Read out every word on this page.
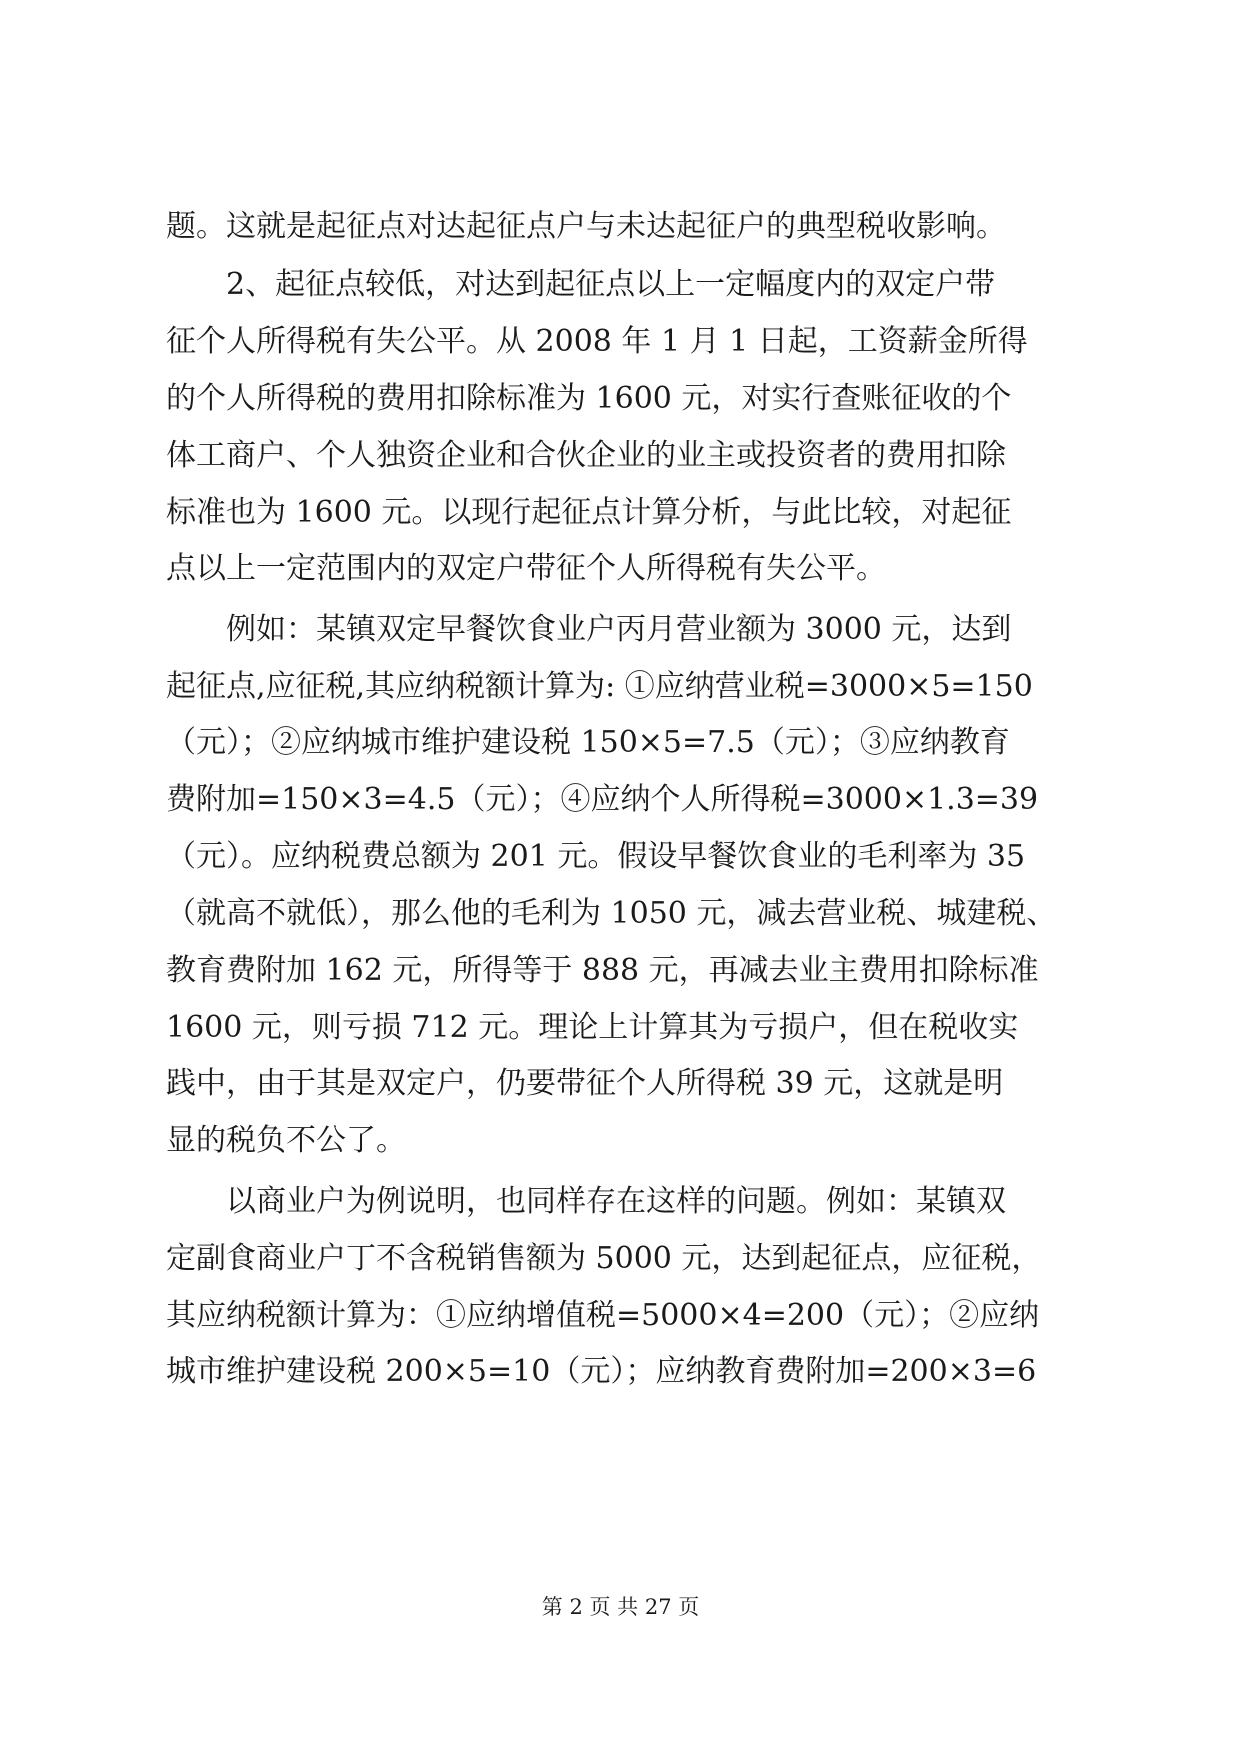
题。这就是起征点对达起征点户与未达起征户的典型税收影响。
　　2、起征点较低，对达到起征点以上一定幅度内的双定户带
征个人所得税有失公平。从 2008 年 1 月 1 日起，工资薪金所得
的个人所得税的费用扣除标准为 1600 元，对实行查账征收的个
体工商户、个人独资企业和合伙企业的业主或投资者的费用扣除
标准也为 1600 元。以现行起征点计算分析，与此比较，对起征
点以上一定范围内的双定户带征个人所得税有失公平。
　　例如：某镇双定早餐饮食业户丙月营业额为 3000 元，达到
起征点,应征税,其应纳税额计算为: ①应纳营业税=3000×5=150
（元）；②应纳城市维护建设税 150×5=7.5（元）；③应纳教育
费附加=150×3=4.5（元）；④应纳个人所得税=3000×1.3=39
（元）。应纳税费总额为 201 元。假设早餐饮食业的毛利率为 35
（就高不就低），那么他的毛利为 1050 元，减去营业税、城建税、
教育费附加 162 元，所得等于 888 元，再减去业主费用扣除标准
1600 元，则亏损 712 元。理论上计算其为亏损户，但在税收实
践中，由于其是双定户，仍要带征个人所得税 39 元，这就是明
显的税负不公了。
　　以商业户为例说明，也同样存在这样的问题。例如：某镇双
定副食商业户丁不含税销售额为 5000 元，达到起征点，应征税，
其应纳税额计算为：①应纳增值税=5000×4=200（元）；②应纳
城市维护建设税 200×5=10（元）；应纳教育费附加=200×3=6
第 2 页 共 27 页
